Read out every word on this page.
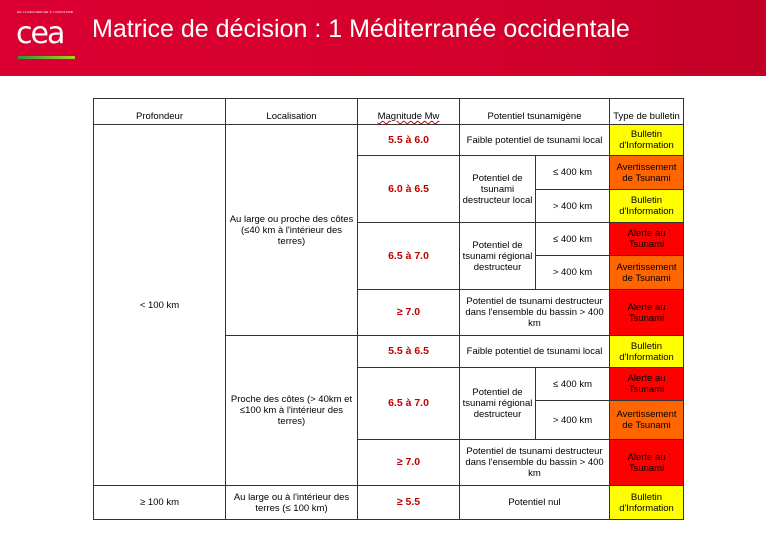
DE LA RECHERCHE À L'INDUSTRIE
cea Matrice de décision : 1 Méditerranée occidentale
Profondeur	Localisation	Magnitude Mw	Potentiel tsunamigène		Type de bulletin
< 100 km	Au large ou proche des côtes (≤40 km à l'intérieur des terres)	5.5 à 6.0	Faible potentiel de tsunami local		Bulletin d'Information
		6.0 à 6.5	Potentiel de tsunami destructeur local	≤ 400 km	Avertissement de Tsunami
				> 400 km	Bulletin d'Information
		6.5 à 7.0	Potentiel de tsunami régional destructeur	≤ 400 km	Alerte au Tsunami
				> 400 km	Avertissement de Tsunami
		≥ 7.0	Potentiel de tsunami destructeur dans l'ensemble du bassin > 400 km		Alerte au Tsunami
	Proche des côtes (> 40km et ≤100 km à l'intérieur des terres)	5.5 à 6.5	Faible potentiel de tsunami local		Bulletin d'Information
		6.5 à 7.0	Potentiel de tsunami régional destructeur	≤ 400 km	Alerte au Tsunami
				> 400 km	Avertissement de Tsunami
		≥ 7.0	Potentiel de tsunami destructeur dans l'ensemble du bassin > 400 km		Alerte au Tsunami
≥ 100 km	Au large ou à l'intérieur des terres (≤ 100 km)	≥ 5.5	Potentiel nul		Bulletin d'Information
